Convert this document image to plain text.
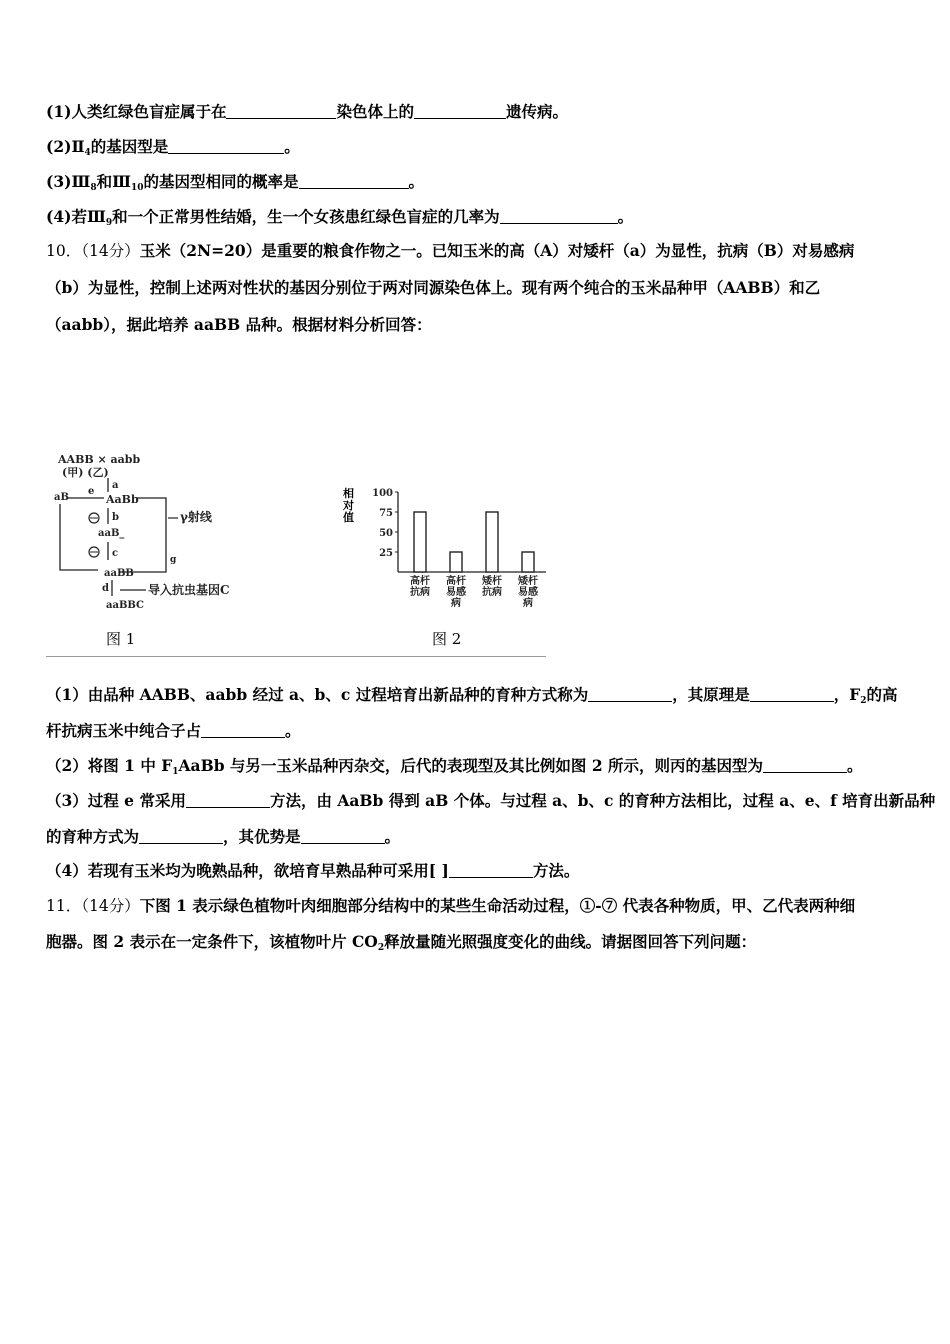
(1)人类红绿色盲症属于在	染色体上的	遗传病。
$(2)Ⅱ_4$的基因型是	。
$(3)Ⅲ_8$和$Ⅲ_{10}$的基因型相同的概率是	。
(4)若$Ⅲ_9$和一个正常男性结婚，生一个女孩患红绿色盲症的几率为	。
10．（14分）玉米（2N=20）是重要的粮食作物之一。已知玉米的高（A）对矮杆（a）为显性，抗病（B）对易感病
（b）为显性，控制上述两对性状的基因分别位于两对同源染色体上。现有两个纯合的玉米品种甲（AABB）和乙
（aabb），据此培养 aaBB 品种。根据材料分析回答：
AABB × aabb
(甲) (乙)
a
AaBb
aB
e
b
aaB_
c
γ射线
g
aaBB
d	导入抗虫基因C
aaBBC
25
50
75
100
高杆
抗病
高杆
易感
病
矮杆
抗病
矮杆
易感
病
相对值
图 1	图 2
（1）由品种 AABB、aabb 经过 a、b、c 过程培育出新品种的育种方式称为	，其原理是	，$F_2$的高
杆抗病玉米中纯合子占	。
（2）将图 1 中 $F_1AaBb$ 与另一玉米品种丙杂交，后代的表现型及其比例如图 2 所示，则丙的基因型为	。
（3）过程 e 常采用	方法，由 AaBb 得到 aB 个体。与过程 a、b、c 的育种方法相比，过程 a、e、f 培育出新品种
的育种方式为	，其优势是	。
（4）若现有玉米均为晚熟品种，欲培育早熟品种可采用[ ]	方法。
11．（14分）下图 1 表示绿色植物叶肉细胞部分结构中的某些生命活动过程，①-⑦ 代表各种物质，甲、乙代表两种细
胞器。图 2 表示在一定条件下，该植物叶片 $CO_2$释放量随光照强度变化的曲线。请据图回答下列问题：
